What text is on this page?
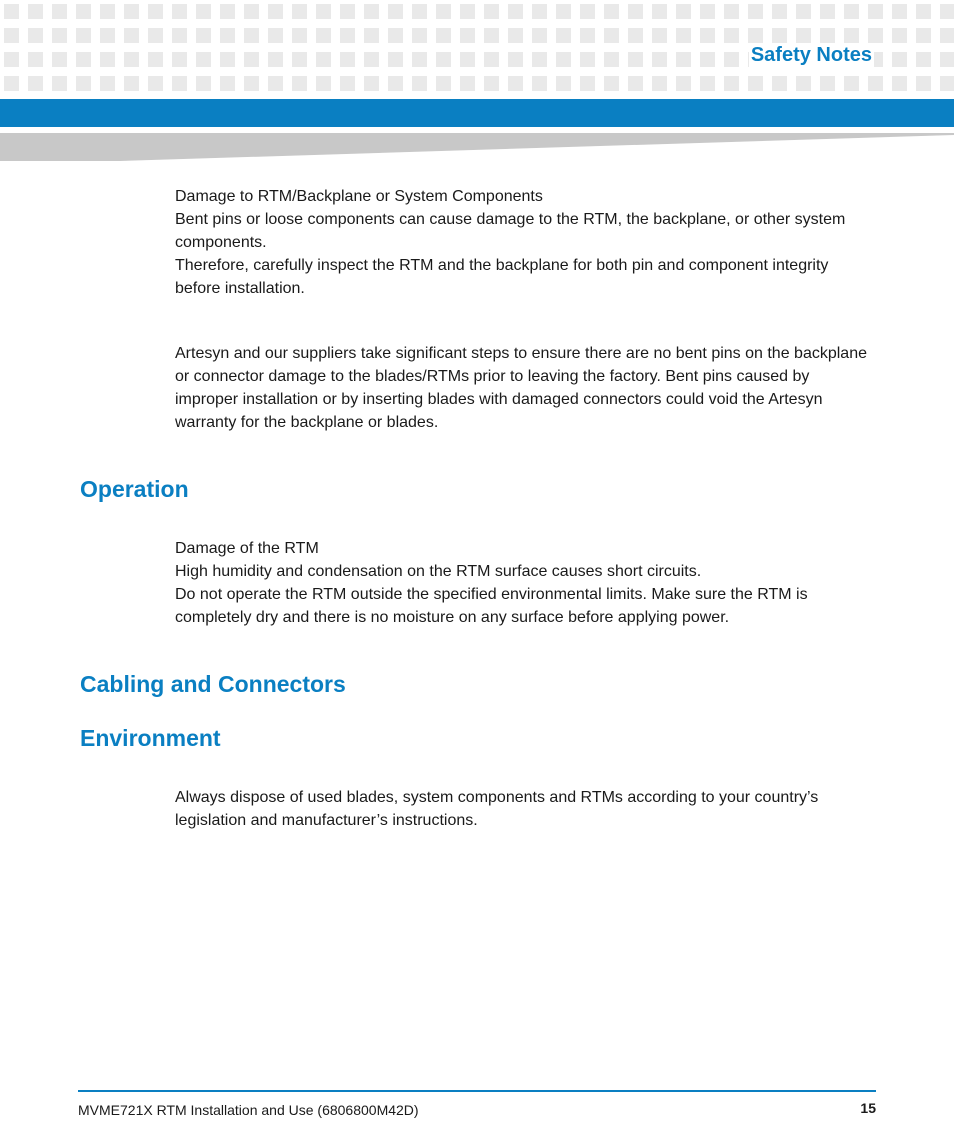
Safety Notes

Damage to RTM/Backplane or System Components

Bent pins or loose components can cause damage to the RTM, the backplane, or other system components.

Therefore, carefully inspect the RTM and the backplane for both pin and component integrity before installation.

Artesyn and our suppliers take significant steps to ensure there are no bent pins on the backplane or connector damage to the blades/RTMs prior to leaving the factory. Bent pins caused by improper installation or by inserting blades with damaged connectors could void the Artesyn warranty for the backplane or blades.

Operation

Damage of the RTM

High humidity and condensation on the RTM surface causes short circuits.

Do not operate the RTM outside the specified environmental limits. Make sure the RTM is completely dry and there is no moisture on any surface before applying power.

Cabling and Connectors
Environment

Always dispose of used blades, system components and RTMs according to your country’s legislation and manufacturer’s instructions.

MVME721X RTM Installation and Use (6806800M42D)	15
